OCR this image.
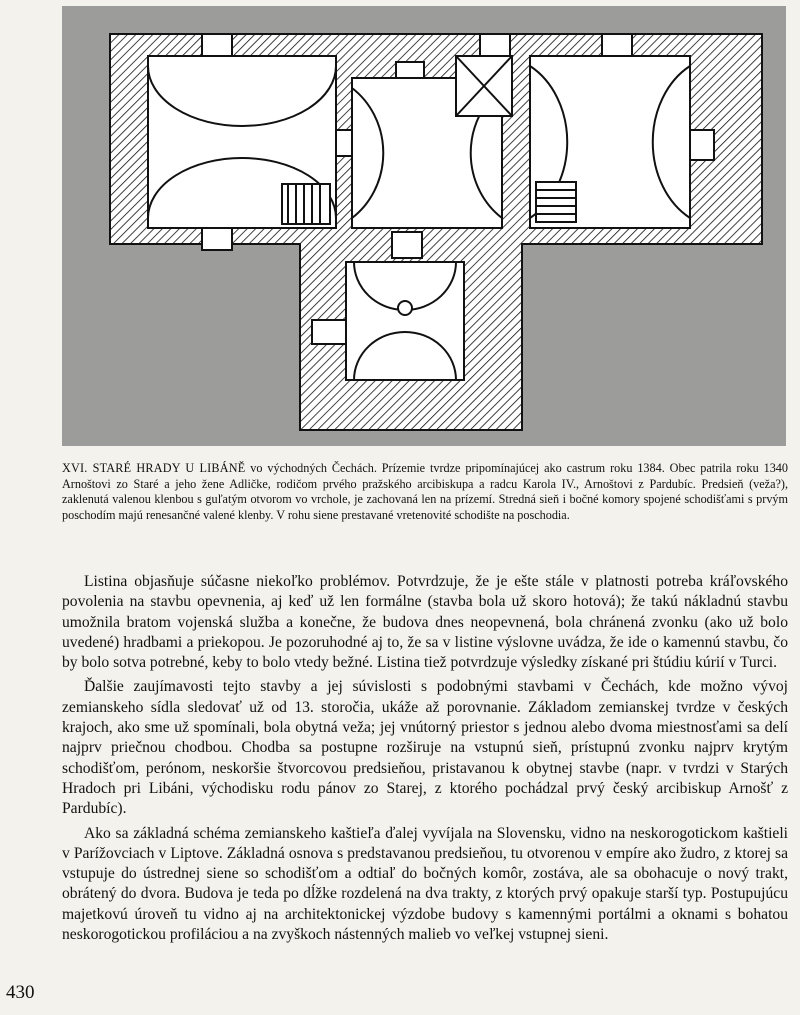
XVI. STARÉ HRADY U LIBÁNĚ vo východných Čechách. Prízemie tvrdze pripomínajúcej ako castrum roku 1384. Obec patrila roku 1340 Arnoštovi zo Staré a jeho žene Adličke, rodičom prvého pražského arcibiskupa a radcu Karola IV., Arnoštovi z Pardubíc. Predsieň (veža?), zaklenutá valenou klenbou s guľatým otvorom vo vrchole, je zachovaná len na prízemí. Stredná sieň i bočné komory spojené schodišťami s prvým poschodím majú renesančné valené klenby. V rohu siene prestavané vretenovité schodište na poschodia.

Listina objasňuje súčasne niekoľko problémov. Potvrdzuje, že je ešte stále v platnosti potreba kráľovského povolenia na stavbu opevnenia, aj keď už len formálne (stavba bola už skoro hotová); že takú nákladnú stavbu umožnila bratom vojenská služba a konečne, že budova dnes neopevnená, bola chránená zvonku (ako už bolo uvedené) hradbami a priekopou. Je pozoruhodné aj to, že sa v listine výslovne uvádza, že ide o kamennú stavbu, čo by bolo sotva potrebné, keby to bolo vtedy bežné. Listina tiež potvrdzuje výsledky získané pri štúdiu kúrií v Turci.

Ďalšie zaujímavosti tejto stavby a jej súvislosti s podobnými stavbami v Čechách, kde možno vývoj zemianskeho sídla sledovať už od 13. storočia, ukáže až porovnanie. Základom zemianskej tvrdze v českých krajoch, ako sme už spomínali, bola obytná veža; jej vnútorný priestor s jednou alebo dvoma miestnosťami sa delí najprv priečnou chodbou. Chodba sa postupne rozširuje na vstupnú sieň, prístupnú zvonku najprv krytým schodišťom, perónom, neskoršie štvorcovou predsieňou, pristavanou k obytnej stavbe (napr. v tvrdzi v Starých Hradoch pri Libáni, východisku rodu pánov zo Starej, z ktorého pochádzal prvý český arcibiskup Arnošť z Pardubíc).

Ako sa základná schéma zemianskeho kaštieľa ďalej vyvíjala na Slovensku, vidno na neskorogotickom kaštieli v Parížovciach v Liptove. Základná osnova s predstavanou predsieňou, tu otvorenou v empíre ako žudro, z ktorej sa vstupuje do ústrednej siene so schodišťom a odtiaľ do bočných komôr, zostáva, ale sa obohacuje o nový trakt, obrátený do dvora. Budova je teda po dĺžke rozdelená na dva trakty, z ktorých prvý opakuje starší typ. Postupujúcu majetkovú úroveň tu vidno aj na architektonickej výzdobe budovy s kamennými portálmi a oknami s bohatou neskorogotickou profiláciou a na zvyškoch nástenných malieb vo veľkej vstupnej sieni.

430
